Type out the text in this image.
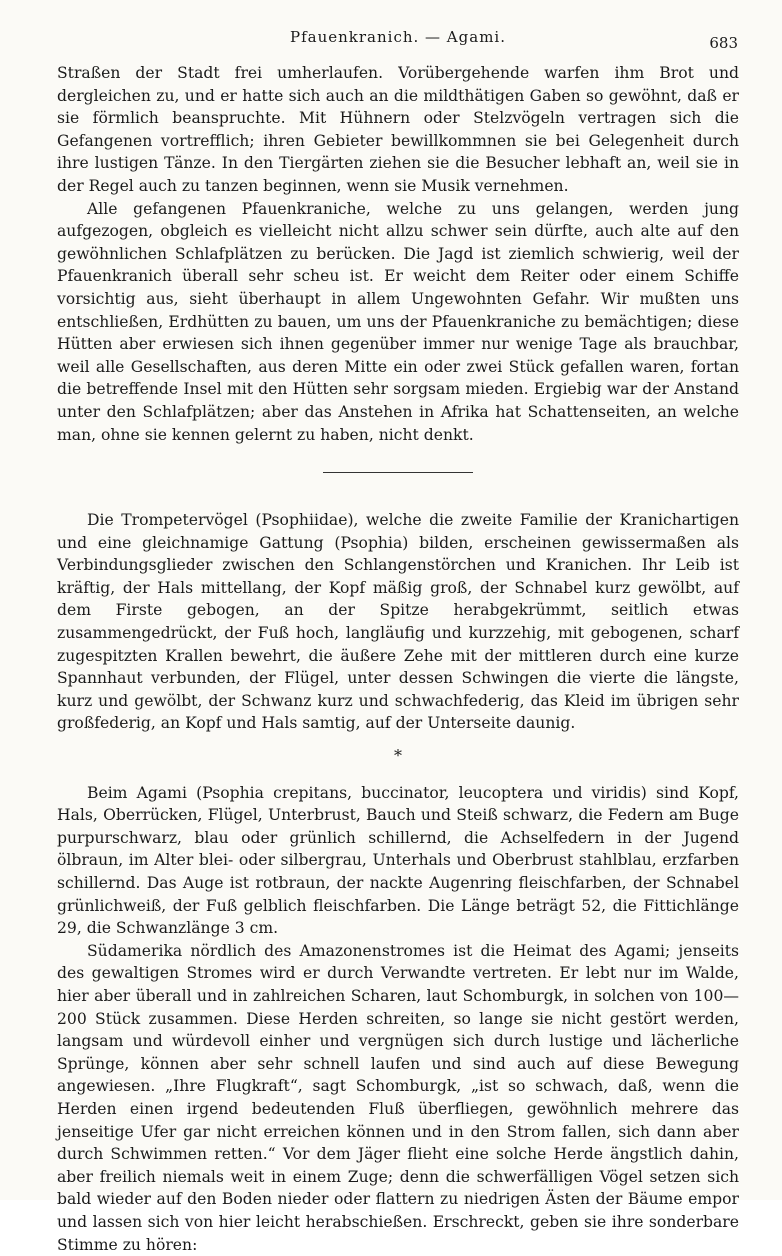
Pfauenkranich. — Agami.	683

Straßen der Stadt frei umherlaufen. Vorübergehende warfen ihm Brot und dergleichen zu, und er hatte sich auch an die mildthätigen Gaben so gewöhnt, daß er sie förmlich beanspruchte. Mit Hühnern oder Stelzvögeln vertragen sich die Gefangenen vortrefflich; ihren Gebieter bewillkommnen sie bei Gelegenheit durch ihre lustigen Tänze. In den Tiergärten ziehen sie die Besucher lebhaft an, weil sie in der Regel auch zu tanzen beginnen, wenn sie Musik vernehmen.

Alle gefangenen Pfauenkraniche, welche zu uns gelangen, werden jung aufgezogen, obgleich es vielleicht nicht allzu schwer sein dürfte, auch alte auf den gewöhnlichen Schlafplätzen zu berücken. Die Jagd ist ziemlich schwierig, weil der Pfauenkranich überall sehr scheu ist. Er weicht dem Reiter oder einem Schiffe vorsichtig aus, sieht überhaupt in allem Ungewohnten Gefahr. Wir mußten uns entschließen, Erdhütten zu bauen, um uns der Pfauenkraniche zu bemächtigen; diese Hütten aber erwiesen sich ihnen gegenüber immer nur wenige Tage als brauchbar, weil alle Gesellschaften, aus deren Mitte ein oder zwei Stück gefallen waren, fortan die betreffende Insel mit den Hütten sehr sorgsam mieden. Ergiebig war der Anstand unter den Schlafplätzen; aber das Anstehen in Afrika hat Schattenseiten, an welche man, ohne sie kennen gelernt zu haben, nicht denkt.

Die Trompetervögel (Psophiidae), welche die zweite Familie der Kranichartigen und eine gleichnamige Gattung (Psophia) bilden, erscheinen gewissermaßen als Verbindungsglieder zwischen den Schlangenstörchen und Kranichen. Ihr Leib ist kräftig, der Hals mittellang, der Kopf mäßig groß, der Schnabel kurz gewölbt, auf dem Firste gebogen, an der Spitze herabgekrümmt, seitlich etwas zusammengedrückt, der Fuß hoch, langläufig und kurzzehig, mit gebogenen, scharf zugespitzten Krallen bewehrt, die äußere Zehe mit der mittleren durch eine kurze Spannhaut verbunden, der Flügel, unter dessen Schwingen die vierte die längste, kurz und gewölbt, der Schwanz kurz und schwachfederig, das Kleid im übrigen sehr großfederig, an Kopf und Hals samtig, auf der Unterseite daunig.

*

Beim Agami (Psophia crepitans, buccinator, leucoptera und viridis) sind Kopf, Hals, Oberrücken, Flügel, Unterbrust, Bauch und Steiß schwarz, die Federn am Buge purpurschwarz, blau oder grünlich schillernd, die Achselfedern in der Jugend ölbraun, im Alter blei- oder silbergrau, Unterhals und Oberbrust stahlblau, erzfarben schillernd. Das Auge ist rotbraun, der nackte Augenring fleischfarben, der Schnabel grünlichweiß, der Fuß gelblich fleischfarben. Die Länge beträgt 52, die Fittichlänge 29, die Schwanzlänge 3 cm.

Südamerika nördlich des Amazonenstromes ist die Heimat des Agami; jenseits des gewaltigen Stromes wird er durch Verwandte vertreten. Er lebt nur im Walde, hier aber überall und in zahlreichen Scharen, laut Schomburgk, in solchen von 100—200 Stück zusammen. Diese Herden schreiten, so lange sie nicht gestört werden, langsam und würdevoll einher und vergnügen sich durch lustige und lächerliche Sprünge, können aber sehr schnell laufen und sind auch auf diese Bewegung angewiesen. „Ihre Flugkraft“, sagt Schomburgk, „ist so schwach, daß, wenn die Herden einen irgend bedeutenden Fluß überfliegen, gewöhnlich mehrere das jenseitige Ufer gar nicht erreichen können und in den Strom fallen, sich dann aber durch Schwimmen retten.“ Vor dem Jäger flieht eine solche Herde ängstlich dahin, aber freilich niemals weit in einem Zuge; denn die schwerfälligen Vögel setzen sich bald wieder auf den Boden nieder oder flattern zu niedrigen Ästen der Bäume empor und lassen sich von hier leicht herabschießen. Erschreckt, geben sie ihre sonderbare Stimme zu hören:
